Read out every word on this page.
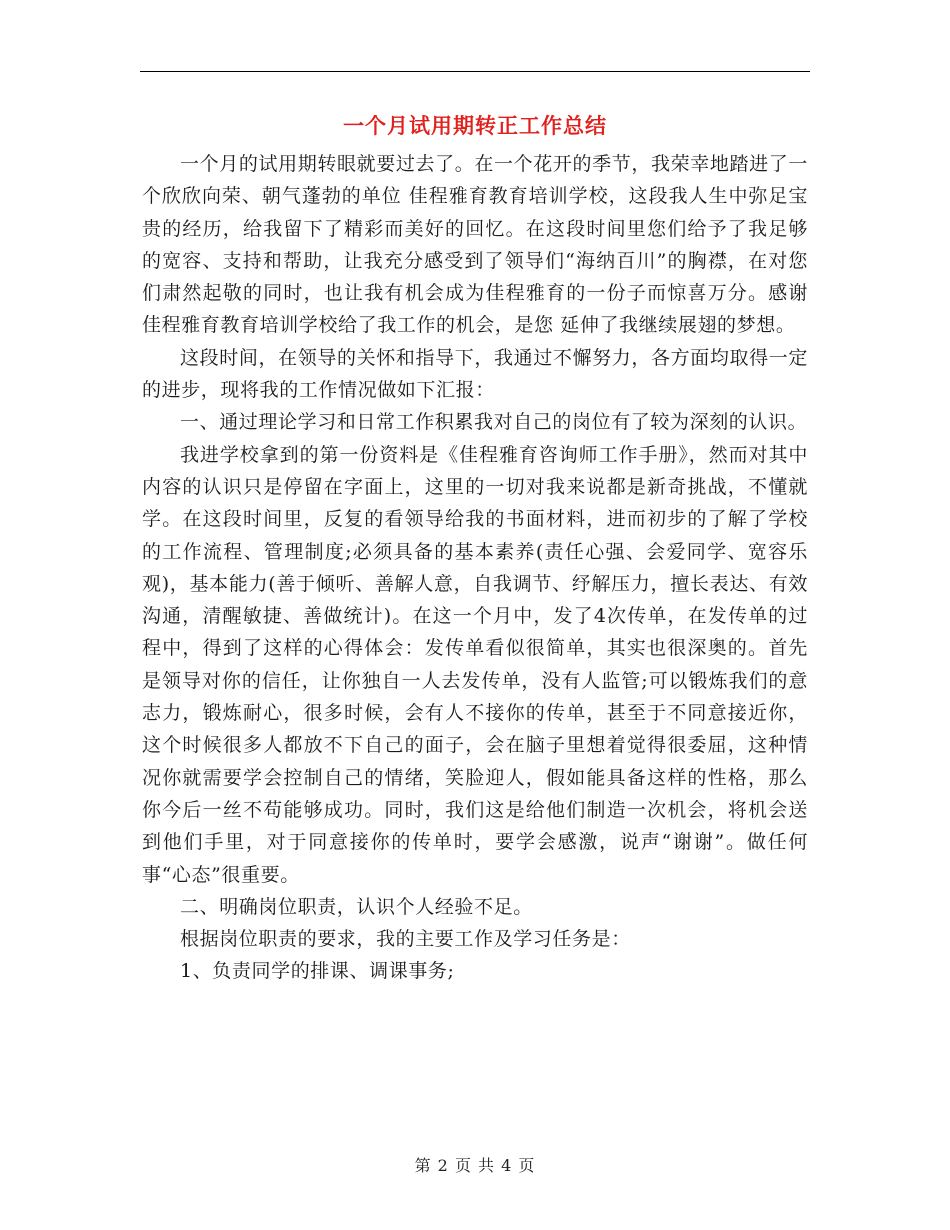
一个月试用期转正工作总结

一个月的试用期转眼就要过去了。在一个花开的季节，我荣幸地踏进了一个欣欣向荣、朝气蓬勃的单位 佳程雅育教育培训学校，这段我人生中弥足宝贵的经历，给我留下了精彩而美好的回忆。在这段时间里您们给予了我足够的宽容、支持和帮助，让我充分感受到了领导们“海纳百川”的胸襟，在对您们肃然起敬的同时，也让我有机会成为佳程雅育的一份子而惊喜万分。感谢佳程雅育教育培训学校给了我工作的机会，是您 延伸了我继续展翅的梦想。

这段时间，在领导的关怀和指导下，我通过不懈努力，各方面均取得一定的进步，现将我的工作情况做如下汇报：

一、通过理论学习和日常工作积累我对自己的岗位有了较为深刻的认识。

我进学校拿到的第一份资料是《佳程雅育咨询师工作手册》，然而对其中内容的认识只是停留在字面上，这里的一切对我来说都是新奇挑战，不懂就学。在这段时间里，反复的看领导给我的书面材料，进而初步的了解了学校的工作流程、管理制度;必须具备的基本素养(责任心强、会爱同学、宽容乐观)，基本能力(善于倾听、善解人意，自我调节、纾解压力，擅长表达、有效沟通，清醒敏捷、善做统计)。在这一个月中，发了4次传单，在发传单的过程中，得到了这样的心得体会：发传单看似很简单，其实也很深奥的。首先是领导对你的信任，让你独自一人去发传单，没有人监管;可以锻炼我们的意志力，锻炼耐心，很多时候，会有人不接你的传单，甚至于不同意接近你，这个时候很多人都放不下自己的面子，会在脑子里想着觉得很委屈，这种情况你就需要学会控制自己的情绪，笑脸迎人，假如能具备这样的性格，那么你今后一丝不苟能够成功。同时，我们这是给他们制造一次机会，将机会送到他们手里，对于同意接你的传单时，要学会感激，说声“谢谢”。做任何事“心态”很重要。

二、明确岗位职责，认识个人经验不足。

根据岗位职责的要求，我的主要工作及学习任务是：

1、负责同学的排课、调课事务;

第 2 页 共 4 页
